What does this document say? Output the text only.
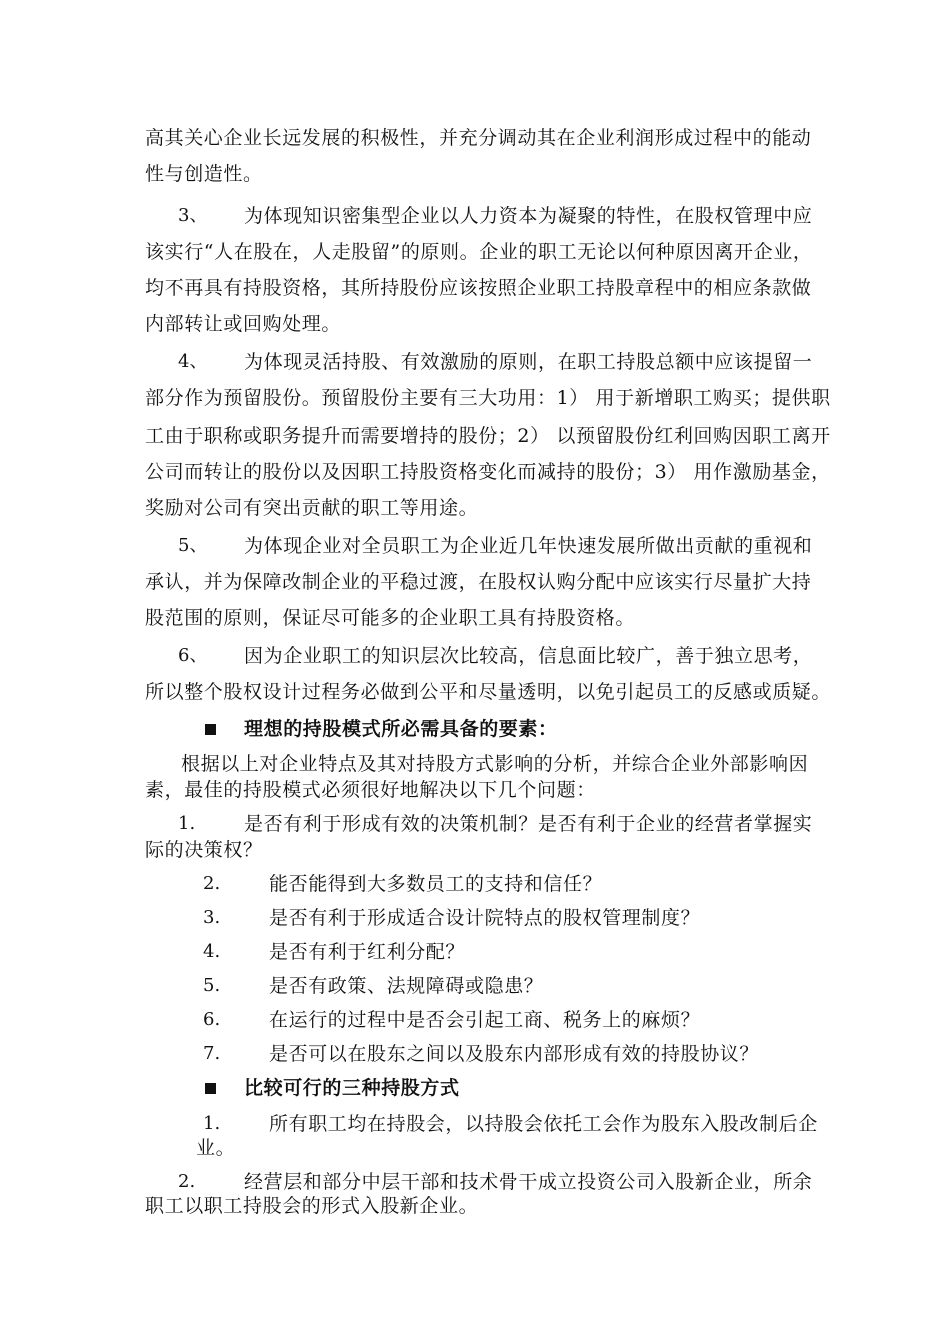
高其关心企业长远发展的积极性，并充分调动其在企业利润形成过程中的能动
性与创造性。
3、 为体现知识密集型企业以人力资本为凝聚的特性，在股权管理中应
该实行“人在股在，人走股留”的原则。企业的职工无论以何种原因离开企业，
均不再具有持股资格，其所持股份应该按照企业职工持股章程中的相应条款做
内部转让或回购处理。
4、 为体现灵活持股、有效激励的原则，在职工持股总额中应该提留一
部分作为预留股份。预留股份主要有三大功用：1） 用于新增职工购买；提供职
工由于职称或职务提升而需要增持的股份；2） 以预留股份红利回购因职工离开
公司而转让的股份以及因职工持股资格变化而减持的股份；3） 用作激励基金，
奖励对公司有突出贡献的职工等用途。
5、 为体现企业对全员职工为企业近几年快速发展所做出贡献的重视和
承认，并为保障改制企业的平稳过渡，在股权认购分配中应该实行尽量扩大持
股范围的原则，保证尽可能多的企业职工具有持股资格。
6、 因为企业职工的知识层次比较高，信息面比较广，善于独立思考，
所以整个股权设计过程务必做到公平和尽量透明，以免引起员工的反感或质疑。
理想的持股模式所必需具备的要素：
根据以上对企业特点及其对持股方式影响的分析，并综合企业外部影响因
素，最佳的持股模式必须很好地解决以下几个问题：
1.	是否有利于形成有效的决策机制？是否有利于企业的经营者掌握实
际的决策权？
2.	能否能得到大多数员工的支持和信任？
3.	是否有利于形成适合设计院特点的股权管理制度？
4.	是否有利于红利分配？
5.	是否有政策、法规障碍或隐患？
6.	在运行的过程中是否会引起工商、税务上的麻烦？
7.	是否可以在股东之间以及股东内部形成有效的持股协议？
比较可行的三种持股方式
1.	所有职工均在持股会，以持股会依托工会作为股东入股改制后企
业。
2.	经营层和部分中层干部和技术骨干成立投资公司入股新企业，所余
职工以职工持股会的形式入股新企业。
